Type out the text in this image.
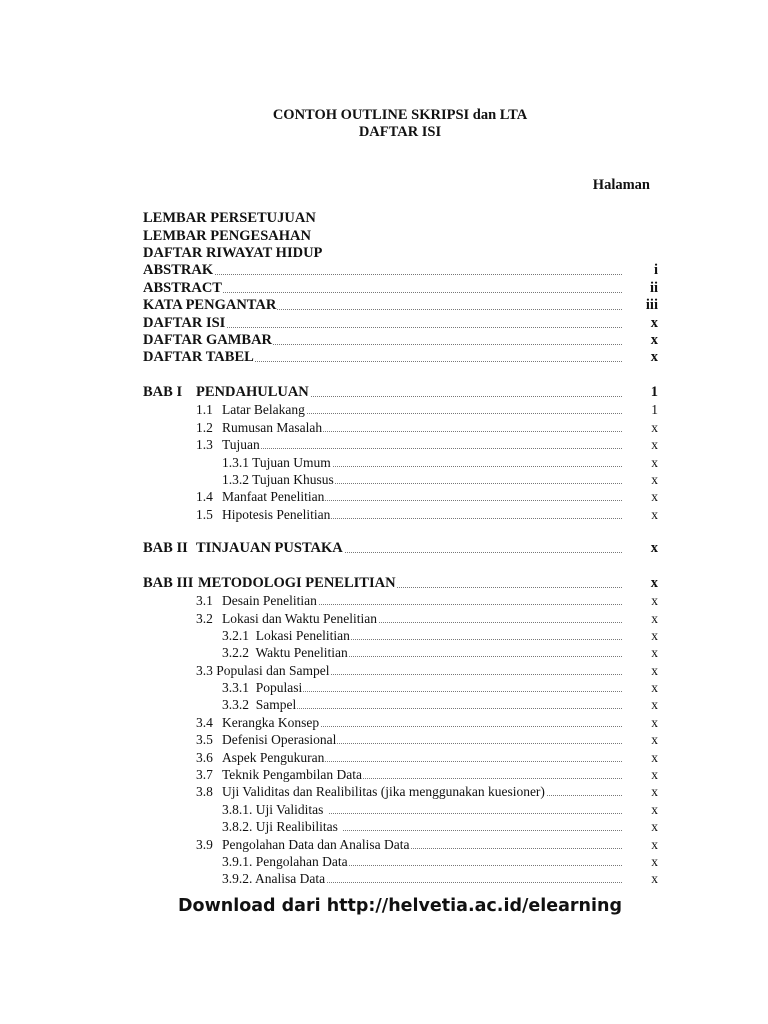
CONTOH OUTLINE SKRIPSI dan LTA
DAFTAR ISI
Halaman
LEMBAR PERSETUJUAN
LEMBAR PENGESAHAN
DAFTAR RIWAYAT HIDUP
ABSTRAK	i
ABSTRACT	ii
KATA PENGANTAR	iii
DAFTAR ISI	x
DAFTAR GAMBAR	x
DAFTAR TABEL	x
BAB I PENDAHULUAN	1
1.1 Latar Belakang	1
1.2 Rumusan Masalah	x
1.3 Tujuan	x
1.3.1 Tujuan Umum	x
1.3.2 Tujuan Khusus	x
1.4 Manfaat Penelitian	x
1.5 Hipotesis Penelitian	x
BAB II TINJAUAN PUSTAKA	x
BAB III METODOLOGI PENELITIAN	x
3.1 Desain Penelitian	x
3.2 Lokasi dan Waktu Penelitian	x
3.2.1  Lokasi Penelitian	x
3.2.2  Waktu Penelitian	x
3.3 Populasi dan Sampel	x
3.3.1  Populasi	x
3.3.2  Sampel	x
3.4 Kerangka Konsep	x
3.5 Defenisi Operasional	x
3.6 Aspek Pengukuran	x
3.7 Teknik Pengambilan Data	x
3.8 Uji Validitas dan Realibilitas (jika menggunakan kuesioner)	x
3.8.1. Uji Validitas	x
3.8.2. Uji Realibilitas	x
3.9 Pengolahan Data dan Analisa Data	x
3.9.1. Pengolahan Data	x
3.9.2. Analisa Data	x
Download dari http://helvetia.ac.id/elearning
